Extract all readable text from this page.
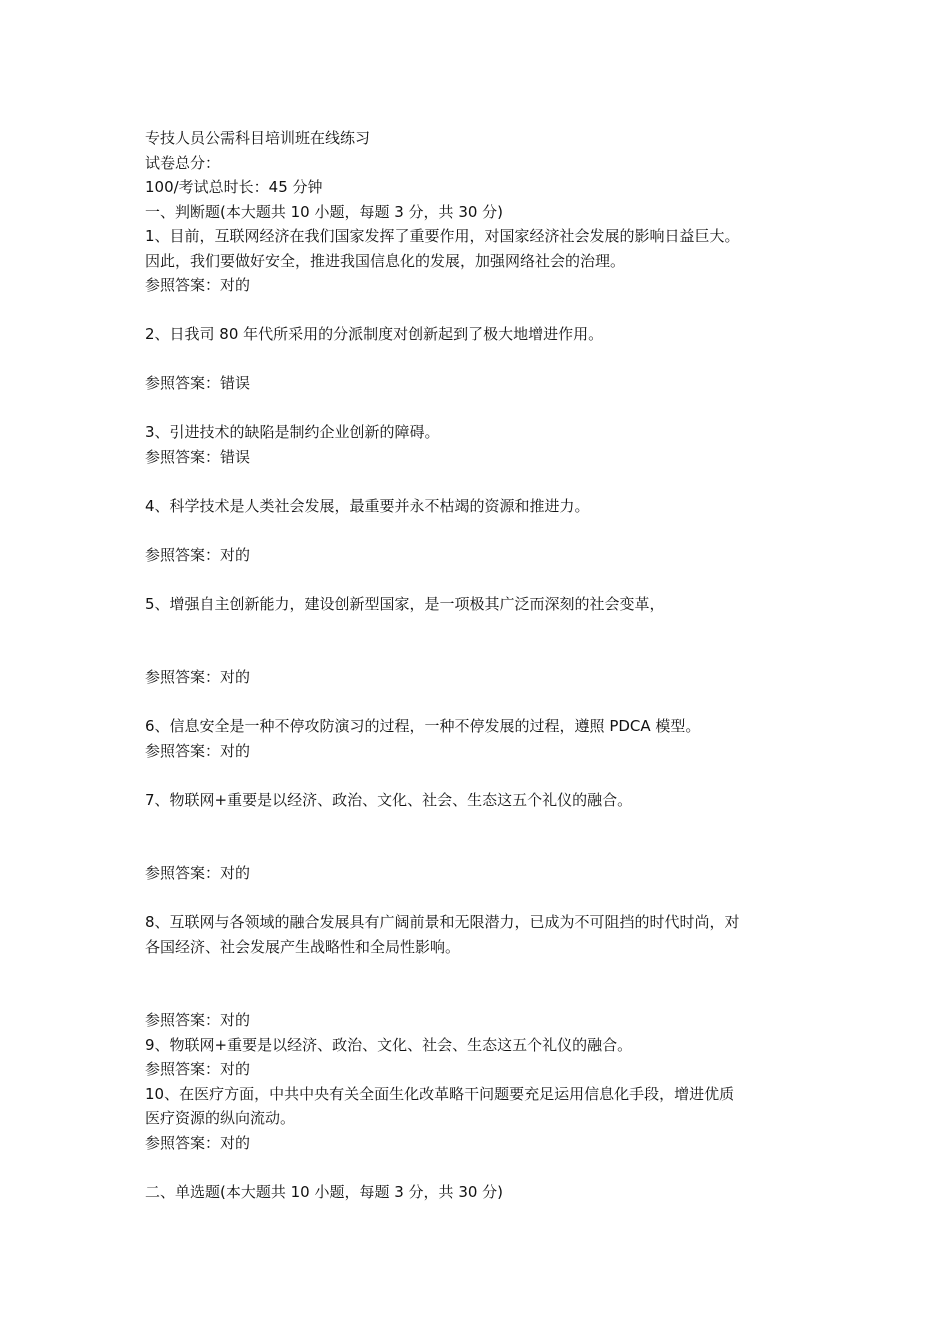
专技人员公需科目培训班在线练习
试卷总分：
100/考试总时长：45 分钟
一、判断题(本大题共 10 小题，每题 3 分，共 30 分)
1、目前，互联网经济在我们国家发挥了重要作用，对国家经济社会发展的影响日益巨大。
因此，我们要做好安全，推进我国信息化的发展，加强网络社会的治理。
参照答案：对的
2、日我司 80 年代所采用的分派制度对创新起到了极大地增进作用。
参照答案：错误
3、引进技术的缺陷是制约企业创新的障碍。
参照答案：错误
4、科学技术是人类社会发展，最重要并永不枯竭的资源和推进力。
参照答案：对的
5、增强自主创新能力，建设创新型国家，是一项极其广泛而深刻的社会变革，
参照答案：对的
6、信息安全是一种不停攻防演习的过程，一种不停发展的过程，遵照 PDCA 模型。
参照答案：对的
7、物联网+重要是以经济、政治、文化、社会、生态这五个礼仪的融合。
参照答案：对的
8、互联网与各领域的融合发展具有广阔前景和无限潜力，已成为不可阻挡的时代时尚，对
各国经济、社会发展产生战略性和全局性影响。
参照答案：对的
9、物联网+重要是以经济、政治、文化、社会、生态这五个礼仪的融合。
参照答案：对的
10、在医疗方面，中共中央有关全面生化改革略干问题要充足运用信息化手段，增进优质
医疗资源的纵向流动。
参照答案：对的
二、单选题(本大题共 10 小题，每题 3 分，共 30 分)
